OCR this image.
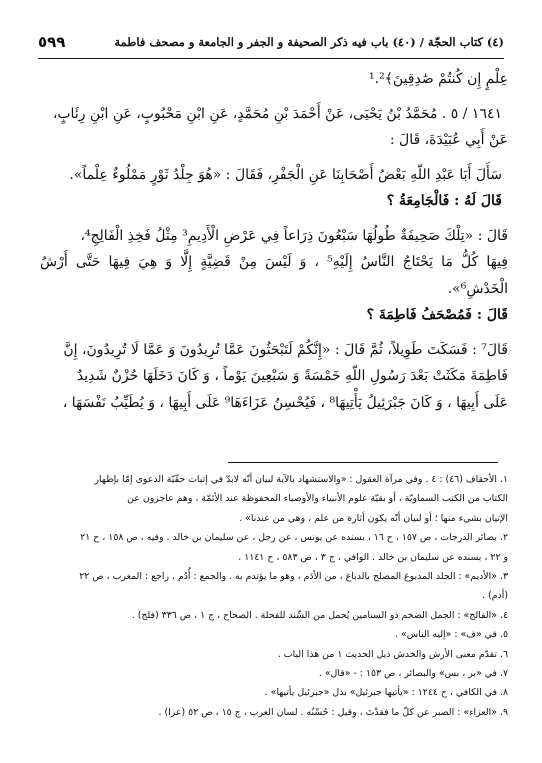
(٤) كتاب الحجّة / (٤٠) باب فيه ذكر الصحيفة و الجفر و الجامعة و مصحف فاطمة
٥٩٩

عِلْمٍ إِن كُنتُمْ صَٰدِقِينَ﴾¹.²

١٦٤١ / ٥ . مُحَمَّدُ بْنُ يَحْيَى، عَنْ أَحْمَدَ بْنِ مُحَمَّدٍ، عَنِ ابْنِ مَحْبُوبٍ، عَنِ ابْنِ رِئَابٍ،

عَنْ أَبِي عُبَيْدَةَ، قَالَ :

سَأَلَ أَبَا عَبْدِ اللّهِ بَعْضُ أَصْحَابِنَا عَنِ الْجَفْرِ، فَقَالَ : «هُوَ جِلْدُ ثَوْرٍ مَمْلُوءٌ عِلْماً».

قَالَ لَهُ : فَالْجَامِعَةُ ؟

قَالَ : «تِلْكَ صَحِيفَةٌ طُولُهَا سَبْعُونَ ذِرَاعاً فِي عَرْضِ الْأَدِيمِ³ مِثْلُ فَخِذِ الْفَالِجِ⁴،

فِيهَا كُلُّ مَا يَحْتَاجُ النَّاسُ إِلَيْهِ⁵ ، وَ لَيْسَ مِنْ قَضِيَّةٍ إِلَّا وَ هِيَ فِيهَا حَتَّى أَرْشُ الْخَدْشِ⁶».

قَالَ : فَمُصْحَفُ فَاطِمَةَ ؟

قَالَ⁷ : فَسَكَتَ طَوِيلاً، ثُمَّ قَالَ : «إِنَّكُمْ لَتَبْحَثُونَ عَمَّا تُرِيدُونَ وَ عَمَّا لَا تُرِيدُونَ، إِنَّ

فَاطِمَةَ مَكَثَتْ بَعْدَ رَسُولِ اللّهِ خَمْسَةً وَ سَبْعِينَ يَوْماً ، وَ كَانَ دَخَلَهَا حُزْنٌ شَدِيدٌ

عَلَى أَبِيهَا ، وَ كَانَ جَبْرَئِيلُ يَأْتِيهَا⁸ ، فَيُحْسِنُ عَزَاءَهَا⁹ عَلَى أَبِيهَا ، وَ يُطَيِّبُ نَفْسَهَا ،

١. الأحقاف (٤٦) : ٤ . وفي مرآة العقول : «والاستشهاد بالآية لبيان أنّه لابدّ في إثبات حقّيّة الدعوى إمّا بإظهار

الكتاب من الكتب السماويّة ، أو بقيّة علوم الأنبياء والأوصياء المحفوظة عند الأئمّة ، وهم عاجزون عن

الإتيان بشيء منها ؛ أو لبيان أنّه يكون أثارة من علم ، وهي من عندنا» .

٢. بصائر الدرجات ، ص ١٥٧ ، ح ١٦ ، بسنده عن يونس ، عن رجل ، عن سليمان بن خالد . وفيه ، ص ١٥٨ ، ح ٢١

و ٢٢ ، بسنده عن سليمان بن خالد . الوافي ، ج ٣ ، ص ٥٨٣ ، ح ١١٤١ .

٣. «الأديم» : الجلد المدبوغ المصلح بالدباغ ، من الأدَم ، وهو ما يؤتدم به . والجمع : أُدُم . راجع : المغرب ، ص ٢٢

(أدم) .

٤. «الفالج» : الجمل الضخم ذو السنامين يُحمل من السِّند للفحلة . الصحاح ، ج ١ ، ص ٣٣٦ (فلج) .

٥. في «ف» : «إليه الناس» .

٦. تقدّم معنى الأرش والخدش ذيل الحديث ١ من هذا الباب .

٧. في «بر ، بس» والبصائر ، ص ١٥٣ : - «قال» .

٨. في الكافي ، ح ١٢٤٤ : «يأتيها جبرئيل» بدل «جبرئيل يأتيها» .

٩. «العزاء» : الصبر عن كلّ ما فقدْتَ ، وقيل : حُسْنُه . لسان العرب ، ج ١٥ ، ص ٥٢ (عزا) .
